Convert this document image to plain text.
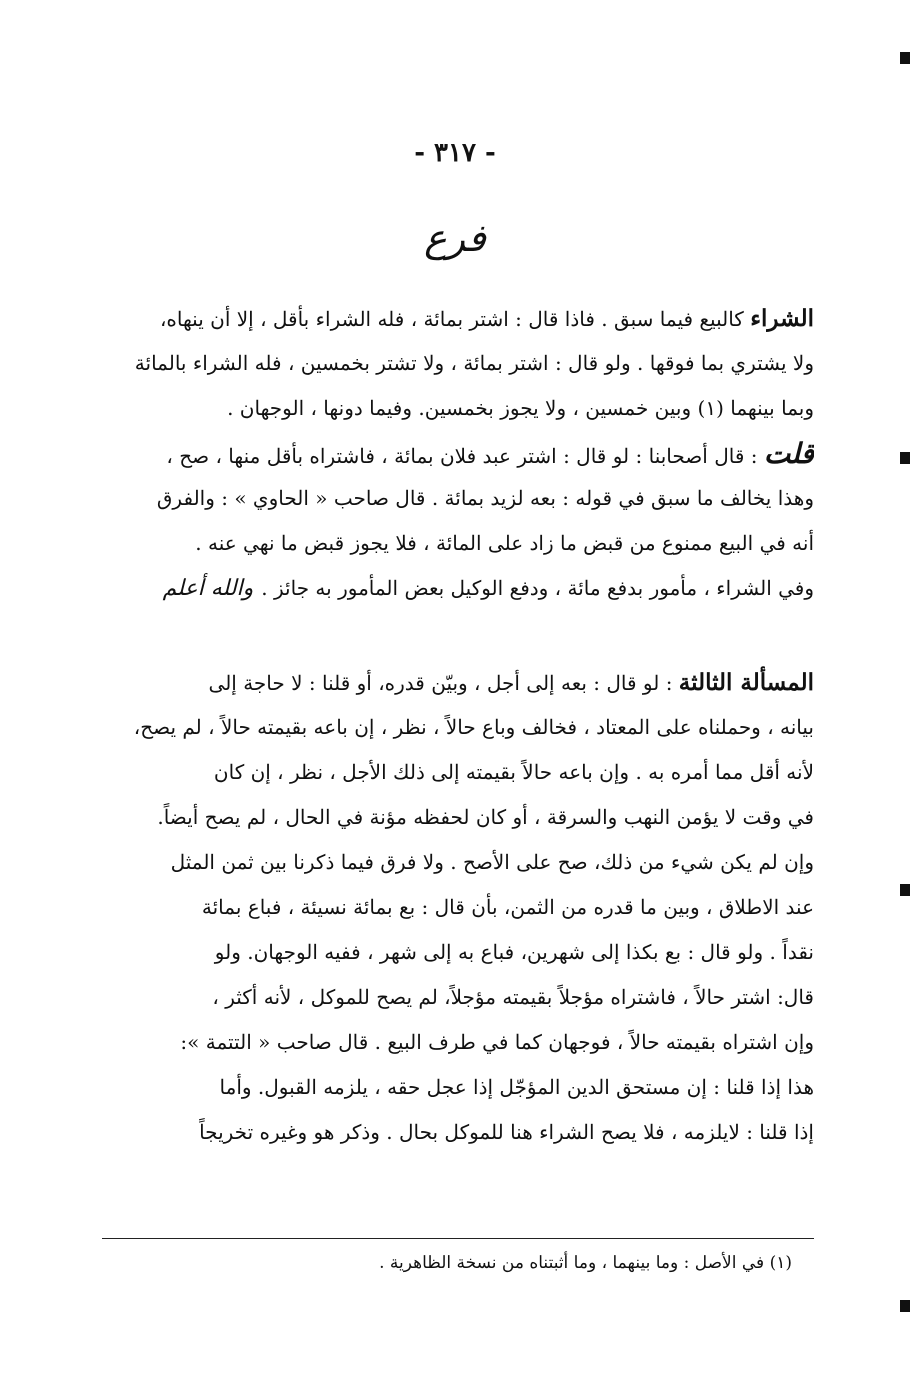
- ٣١٧ -
فرع
الشراء كالبيع فيما سبق . فاذا قال : اشتر بمائة ، فله الشراء بأقل ، إلا أن ينهاه،
ولا يشتري بما فوقها . ولو قال : اشتر بمائة ، ولا تشتر بخمسين ، فله الشراء بالمائة
وبما بينهما (١) وبين خمسين ، ولا يجوز بخمسين. وفيما دونها ، الوجهان .
قلت : قال أصحابنا : لو قال : اشتر عبد فلان بمائة ، فاشتراه بأقل منها ، صح ،
وهذا يخالف ما سبق في قوله : بعه لزيد بمائة . قال صاحب « الحاوي » : والفرق
أنه في البيع ممنوع من قبض ما زاد على المائة ، فلا يجوز قبض ما نهي عنه .
وفي الشراء ، مأمور بدفع مائة ، ودفع الوكيل بعض المأمور به جائز .والله أعلم
المسألة الثالثة : لو قال : بعه إلى أجل ، وبيّن قدره، أو قلنا : لا حاجة إلى
بيانه ، وحملناه على المعتاد ، فخالف وباع حالاً ، نظر ، إن باعه بقيمته حالاً ، لم يصح،
لأنه أقل مما أمره به . وإن باعه حالاً بقيمته إلى ذلك الأجل ، نظر ، إن كان
في وقت لا يؤمن النهب والسرقة ، أو كان لحفظه مؤنة في الحال ، لم يصح أيضاً.
وإن لم يكن شيء من ذلك، صح على الأصح . ولا فرق فيما ذكرنا بين ثمن المثل
عند الاطلاق ، وبين ما قدره من الثمن، بأن قال : بع بمائة نسيئة ، فباع بمائة
نقداً . ولو قال : بع بكذا إلى شهرين، فباع به إلى شهر ، ففيه الوجهان. ولو
قال: اشتر حالاً ، فاشتراه مؤجلاً بقيمته مؤجلاً، لم يصح للموكل ، لأنه أكثر ،
وإن اشتراه بقيمته حالاً ، فوجهان كما في طرف البيع . قال صاحب « التتمة »:
هذا إذا قلنا : إن مستحق الدين المؤجّل إذا عجل حقه ، يلزمه القبول. وأما
إذا قلنا : لايلزمه ، فلا يصح الشراء هنا للموكل بحال . وذكر هو وغيره تخريجاً
(١) في الأصل : وما بينهما ، وما أثبتناه من نسخة الظاهرية .
